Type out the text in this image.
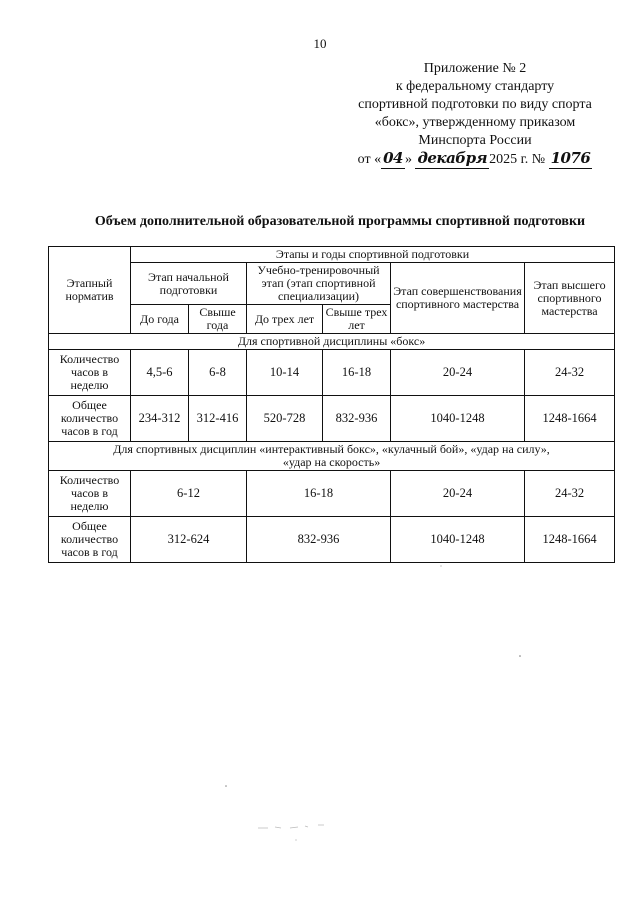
10
Приложение № 2
к федеральному стандарту
спортивной подготовки по виду спорта
«бокс», утвержденному приказом
Минспорта России
от « 04 » декабря 2025 г. № 1076
Объем дополнительной образовательной программы спортивной подготовки
Этапный норматив	Этапы и годы спортивной подготовки					
	Этап начальной подготовки		Учебно-тренировочный этап (этап спортивной специализации)		Этап совершенствования спортивного мастерства	Этап высшего спортивного мастерства
	До года	Свыше года	До трех лет	Свыше трех лет		
Для спортивной дисциплины «бокс»						
Количество часов в неделю	4,5-6	6-8	10-14	16-18	20-24	24-32
Общее количество часов в год	234-312	312-416	520-728	832-936	1040-1248	1248-1664
Для спортивных дисциплин «интерактивный бокс», «кулачный бой», «удар на силу»,
«удар на скорость»						
Количество часов в неделю	6-12		16-18		20-24	24-32
Общее количество часов в год	312-624		832-936		1040-1248	1248-1664
